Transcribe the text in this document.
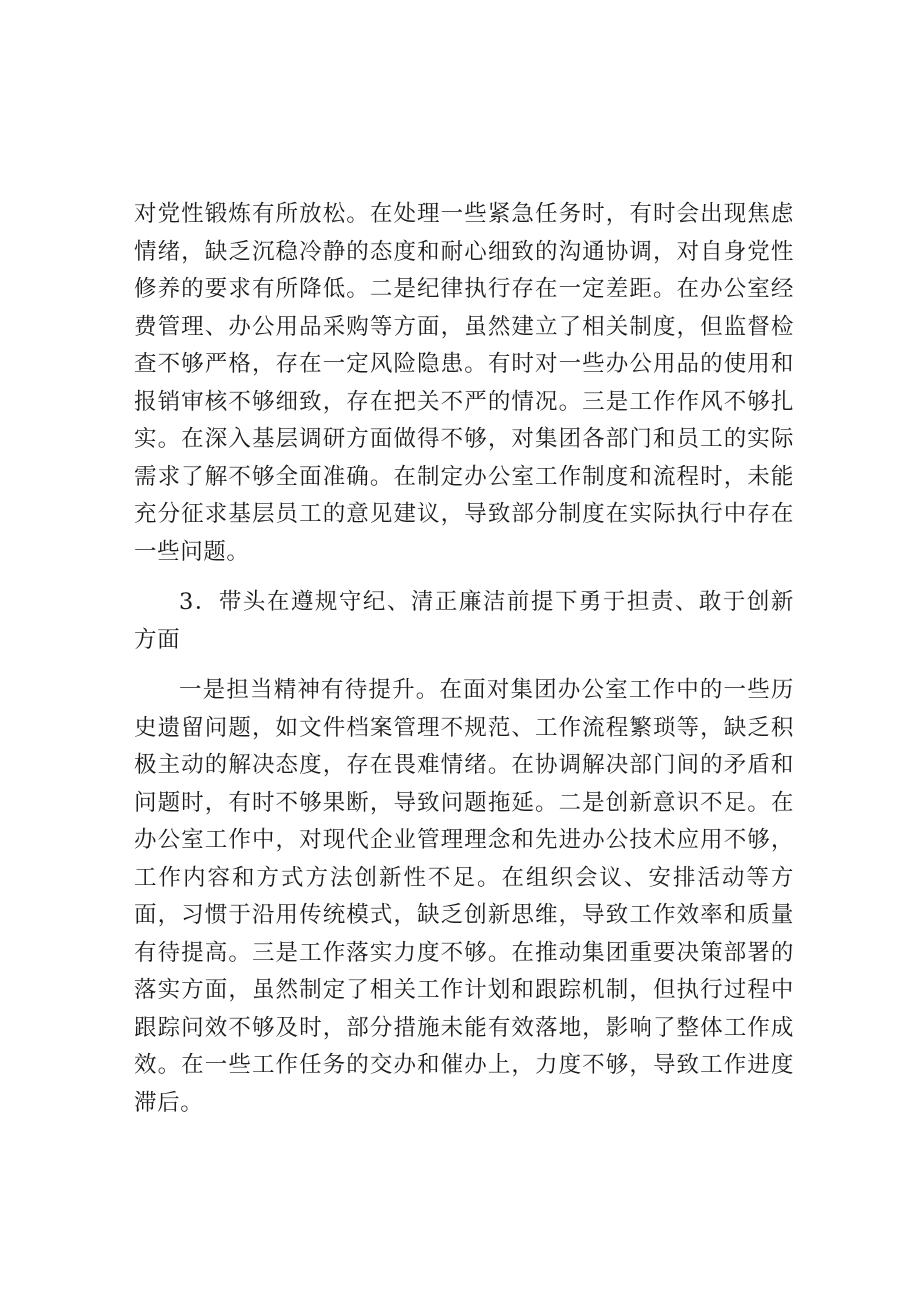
对党性锻炼有所放松。在处理一些紧急任务时，有时会出现焦虑情绪，缺乏沉稳冷静的态度和耐心细致的沟通协调，对自身党性修养的要求有所降低。二是纪律执行存在一定差距。在办公室经费管理、办公用品采购等方面，虽然建立了相关制度，但监督检查不够严格，存在一定风险隐患。有时对一些办公用品的使用和报销审核不够细致，存在把关不严的情况。三是工作作风不够扎实。在深入基层调研方面做得不够，对集团各部门和员工的实际需求了解不够全面准确。在制定办公室工作制度和流程时，未能充分征求基层员工的意见建议，导致部分制度在实际执行中存在一些问题。

3．带头在遵规守纪、清正廉洁前提下勇于担责、敢于创新方面

一是担当精神有待提升。在面对集团办公室工作中的一些历史遗留问题，如文件档案管理不规范、工作流程繁琐等，缺乏积极主动的解决态度，存在畏难情绪。在协调解决部门间的矛盾和问题时，有时不够果断，导致问题拖延。二是创新意识不足。在办公室工作中，对现代企业管理理念和先进办公技术应用不够，工作内容和方式方法创新性不足。在组织会议、安排活动等方面，习惯于沿用传统模式，缺乏创新思维，导致工作效率和质量有待提高。三是工作落实力度不够。在推动集团重要决策部署的落实方面，虽然制定了相关工作计划和跟踪机制，但执行过程中跟踪问效不够及时，部分措施未能有效落地，影响了整体工作成效。在一些工作任务的交办和催办上，力度不够，导致工作进度滞后。
